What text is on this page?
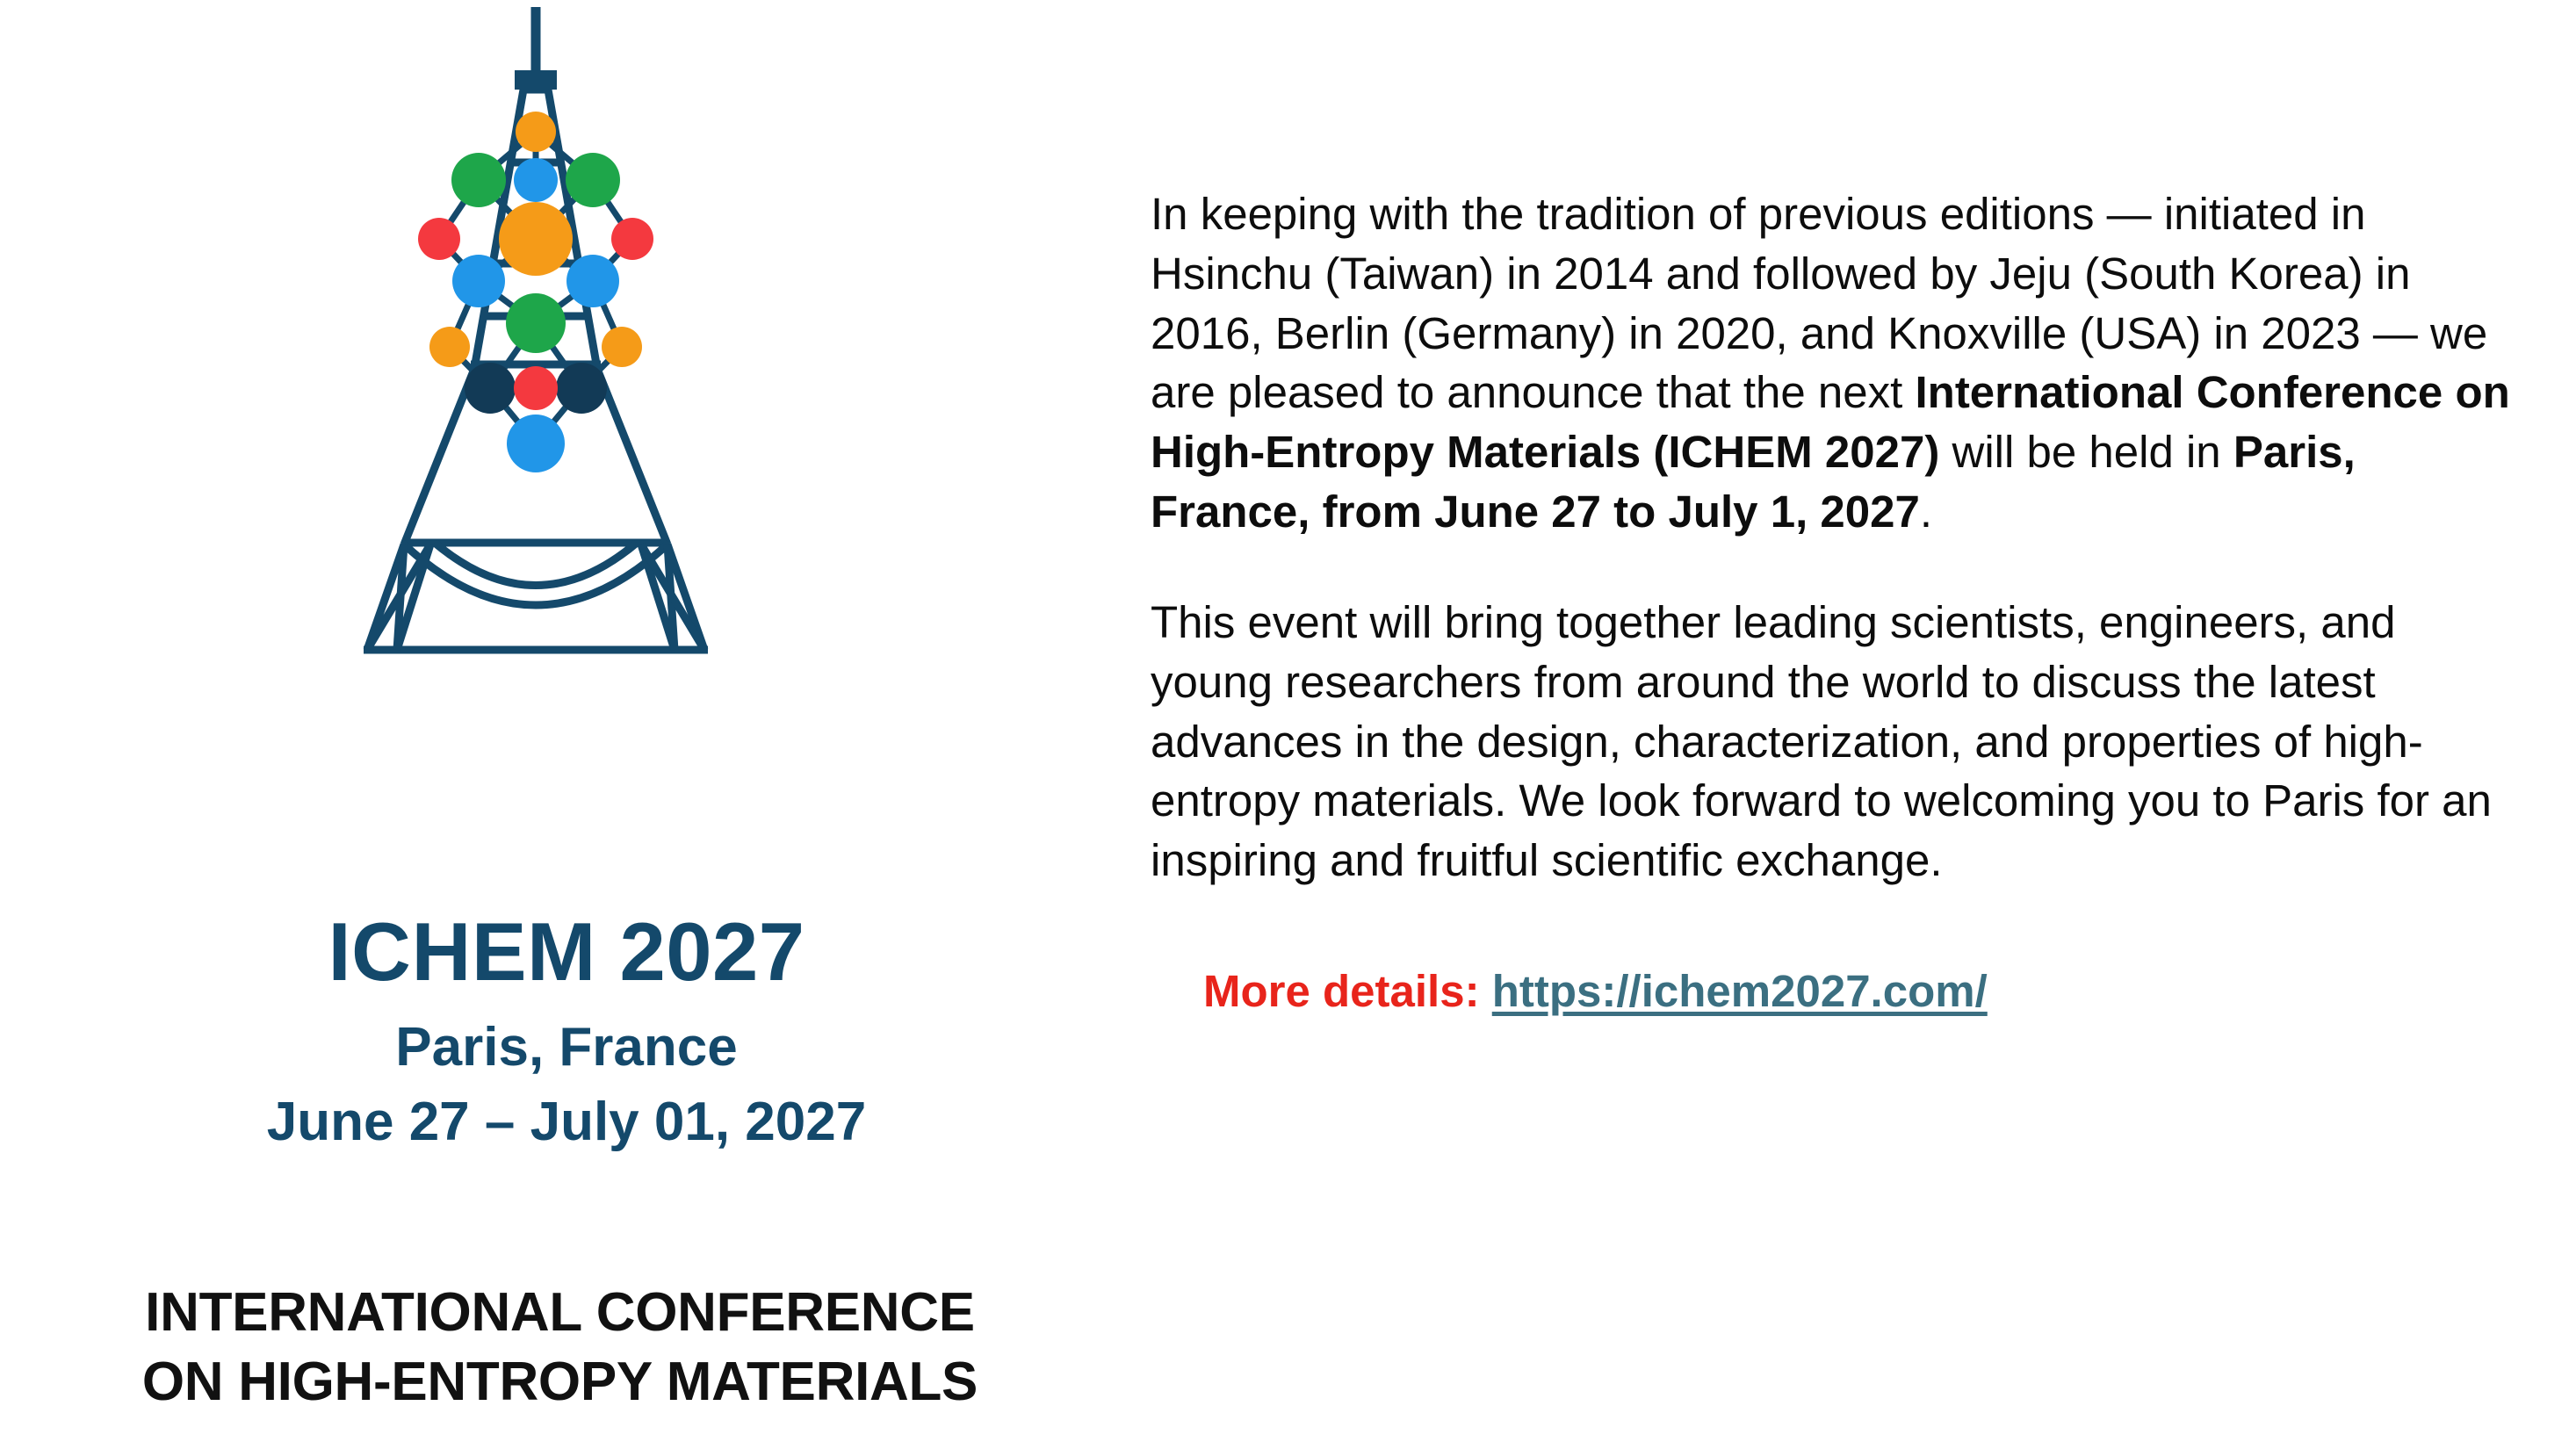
ICHEM 2027
Paris, France
June 27 – July 01, 2027
INTERNATIONAL CONFERENCE
ON HIGH-ENTROPY MATERIALS

In keeping with the tradition of previous editions — initiated in Hsinchu (Taiwan) in 2014 and followed by Jeju (South Korea) in 2016, Berlin (Germany) in 2020, and Knoxville (USA) in 2023 — we are pleased to announce that the next International Conference on High-Entropy Materials (ICHEM 2027) will be held in Paris, France, from June 27 to July 1, 2027.

This event will bring together leading scientists, engineers, and young researchers from around the world to discuss the latest advances in the design, characterization, and properties of high-entropy materials. We look forward to welcoming you to Paris for an inspiring and fruitful scientific exchange.

More details: https://ichem2027.com/
